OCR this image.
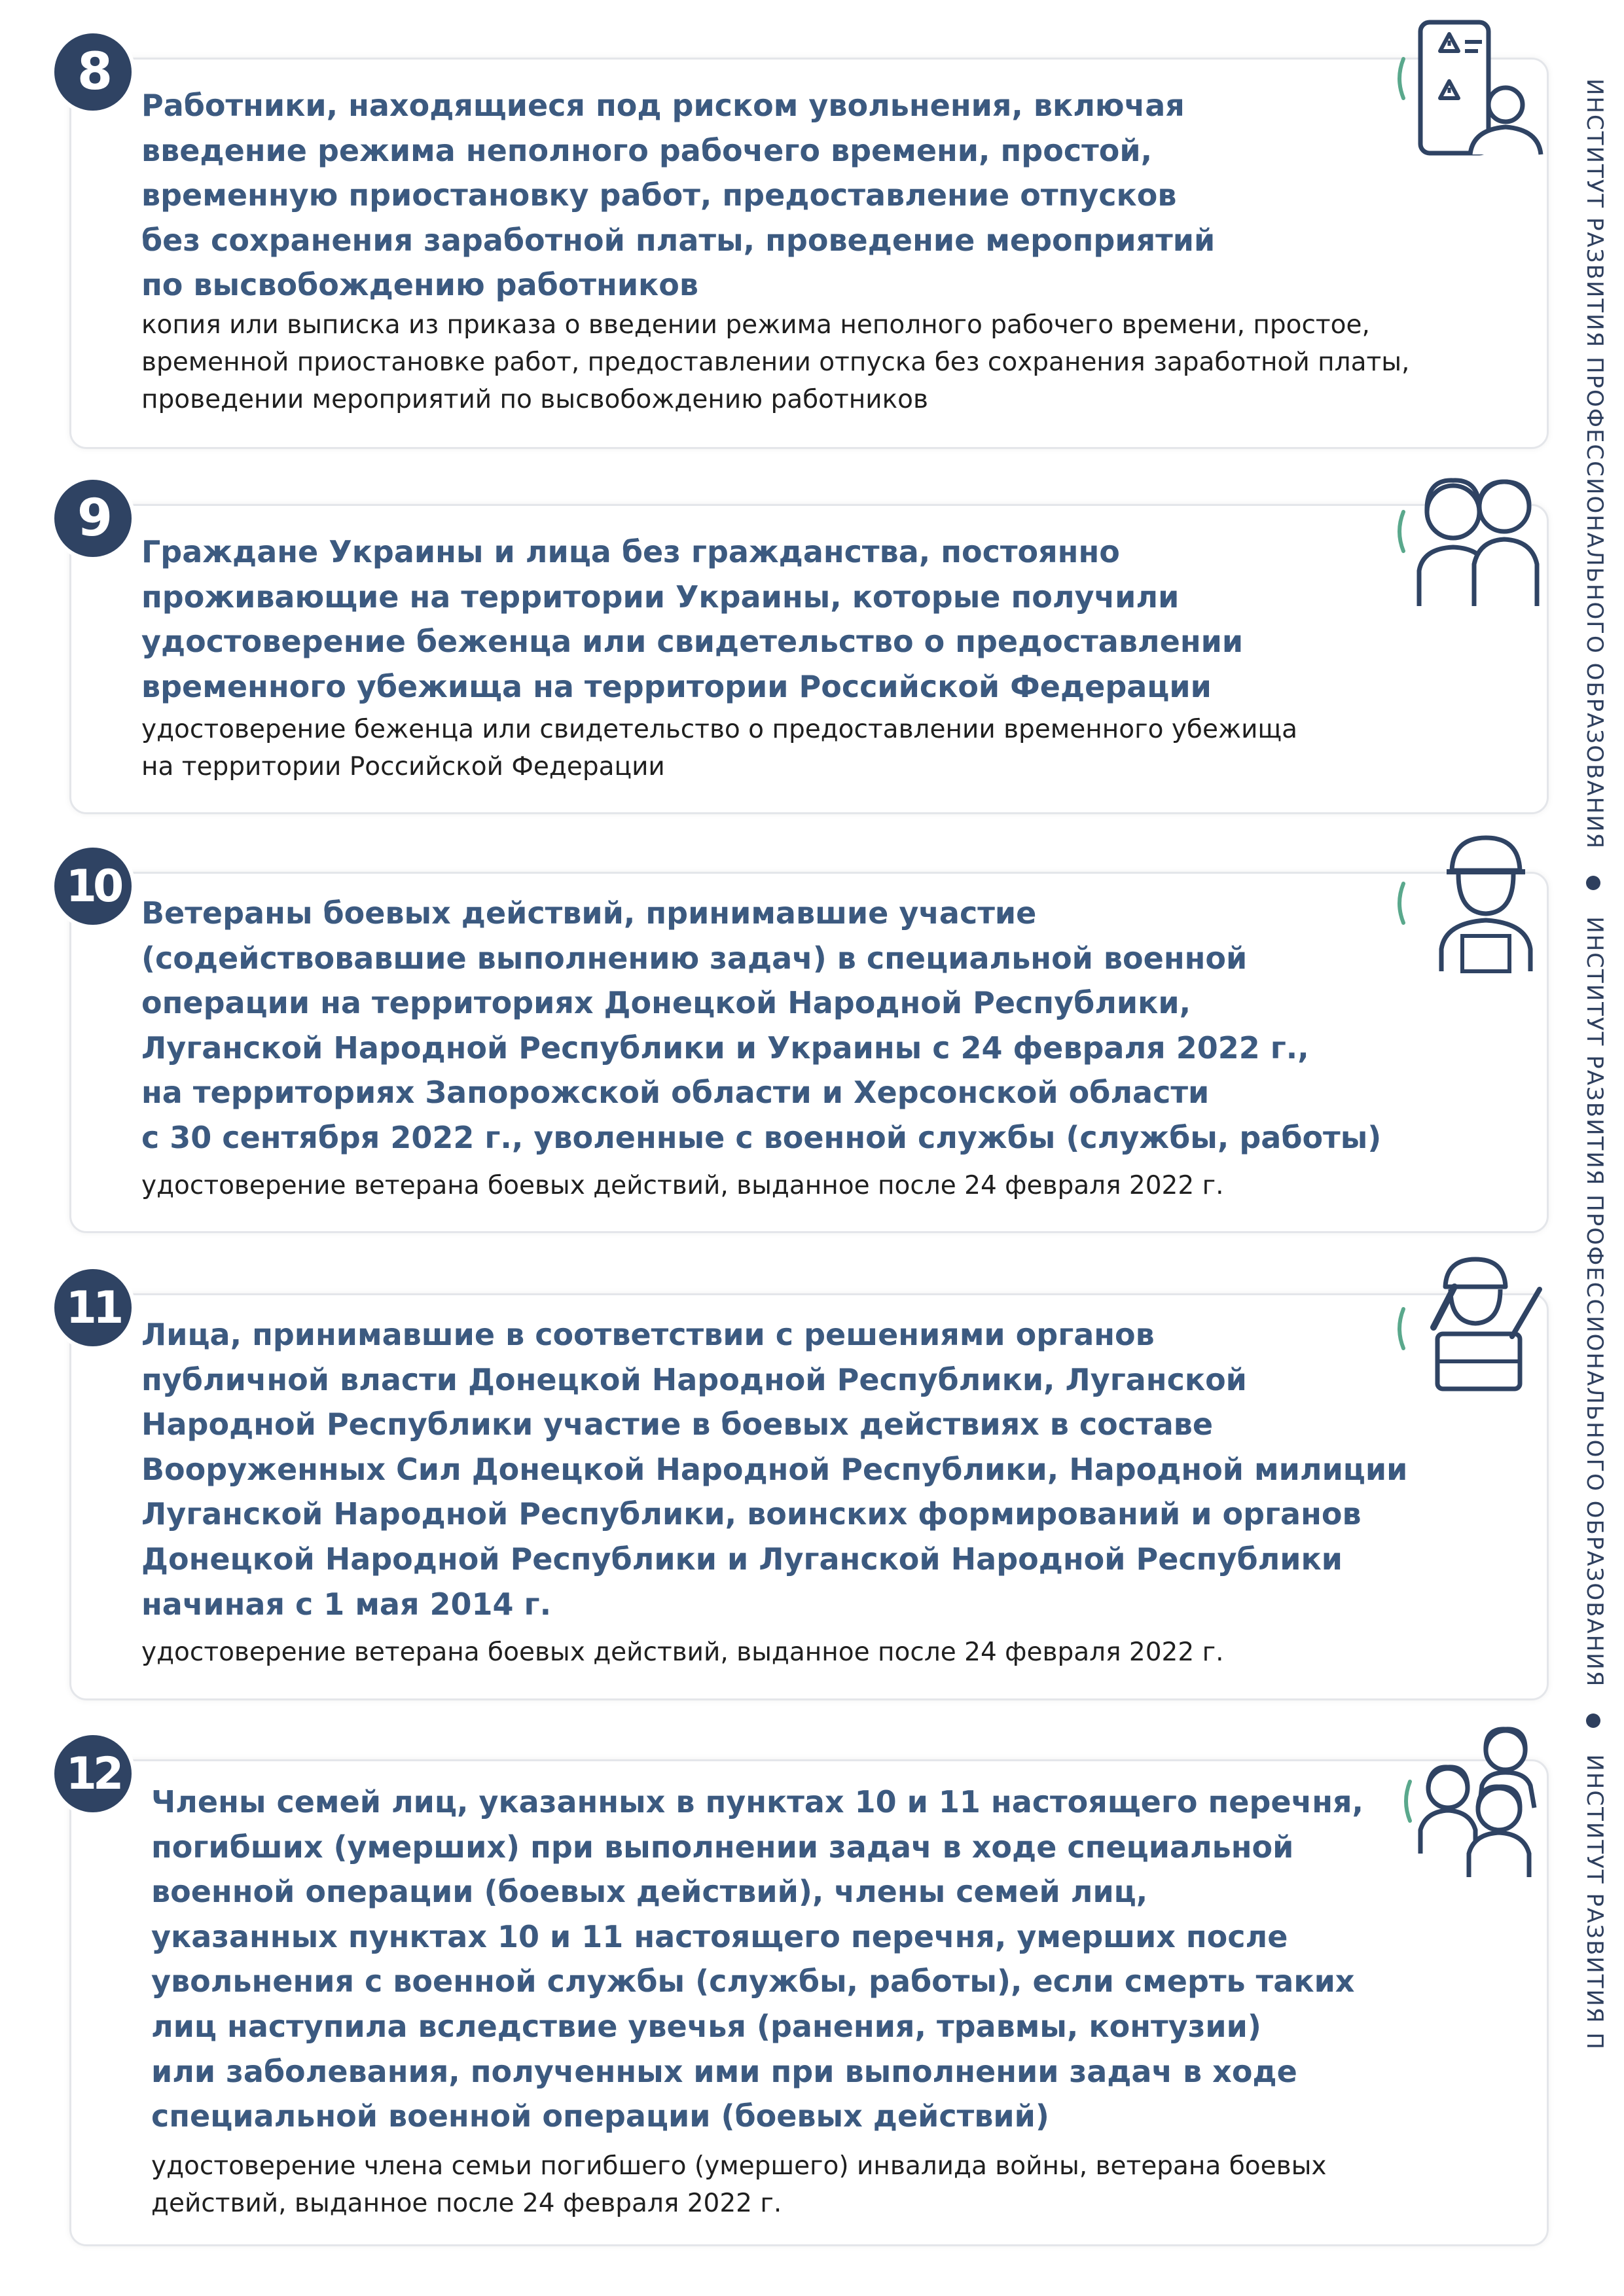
ИНСТИТУТ РАЗВИТИЯ ПРОФЕССИОНАЛЬНОГО ОБРАЗОВАНИЯИНСТИТУТ РАЗВИТИЯ ПРОФЕССИОНАЛЬНОГО ОБРАЗОВАНИЯИНСТИТУТ РАЗВИТИЯ П
8
Работники, находящиеся под риском увольнения, включая
введение режима неполного рабочего времени, простой,
временную приостановку работ, предоставление отпусков
без сохранения заработной платы, проведение мероприятий
по высвобождению работников
копия или выписка из приказа о введении режима неполного рабочего времени, простое,
временной приостановке работ, предоставлении отпуска без сохранения заработной платы,
проведении мероприятий по высвобождению работников
9
Граждане Украины и лица без гражданства, постоянно
проживающие на территории Украины, которые получили
удостоверение беженца или свидетельство о предоставлении
временного убежища на территории Российской Федерации
удостоверение беженца или свидетельство о предоставлении временного убежища
на территории Российской Федерации
10
Ветераны боевых действий, принимавшие участие
(содействовавшие выполнению задач) в специальной военной
операции на территориях Донецкой Народной Республики,
Луганской Народной Республики и Украины с 24 февраля 2022 г.,
на территориях Запорожской области и Херсонской области
с 30 сентября 2022 г., уволенные с военной службы (службы, работы)
удостоверение ветерана боевых действий, выданное после 24 февраля 2022 г.
11
Лица, принимавшие в соответствии с решениями органов
публичной власти Донецкой Народной Республики, Луганской
Народной Республики участие в боевых действиях в составе
Вооруженных Сил Донецкой Народной Республики, Народной милиции
Луганской Народной Республики, воинских формирований и органов
Донецкой Народной Республики и Луганской Народной Республики
начиная с 1 мая 2014 г.
удостоверение ветерана боевых действий, выданное после 24 февраля 2022 г.
12
Члены семей лиц, указанных в пунктах 10 и 11 настоящего перечня,
погибших (умерших) при выполнении задач в ходе специальной
военной операции (боевых действий), члены семей лиц,
указанных пунктах 10 и 11 настоящего перечня, умерших после
увольнения с военной службы (службы, работы), если смерть таких
лиц наступила вследствие увечья (ранения, травмы, контузии)
или заболевания, полученных ими при выполнении задач в ходе
специальной военной операции (боевых действий)
удостоверение члена семьи погибшего (умершего) инвалида войны, ветерана боевых
действий, выданное после 24 февраля 2022 г.
